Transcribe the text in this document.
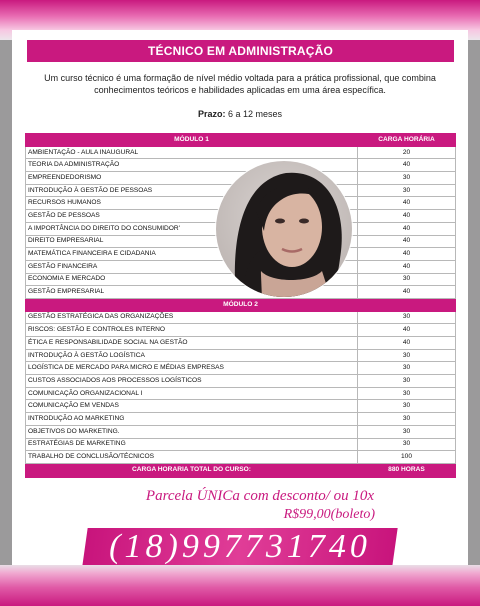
TÉCNICO EM ADMINISTRAÇÃO

Um curso técnico é uma formação de nível médio voltada para a prática profissional, que combina conhecimentos teóricos e habilidades aplicadas em uma área específica.

Prazo: 6 a 12 meses

MÓDULO 1	CARGA HORÁRIA
AMBIENTAÇÃO - AULA INAUGURAL	20
TEORIA DA ADMINISTRAÇÃO	40
EMPREENDEDORISMO	30
INTRODUÇÃO À GESTÃO DE PESSOAS	30
RECURSOS HUMANOS	40
GESTÃO DE PESSOAS	40
A IMPORTÂNCIA DO DIREITO DO CONSUMIDOR'	40
DIREITO EMPRESARIAL	40
MATEMÁTICA FINANCEIRA E CIDADANIA	40
GESTÃO FINANCEIRA	40
ECONOMIA E MERCADO	30
GESTÃO EMPRESARIAL	40
MÓDULO 2	
GESTÃO ESTRATÉGICA DAS ORGANIZAÇÕES	30
RISCOS: GESTÃO E CONTROLES INTERNO	40
ÉTICA E RESPONSABILIDADE SOCIAL NA GESTÃO	40
INTRODUÇÃO À GESTÃO LOGÍSTICA	30
LOGÍSTICA DE MERCADO PARA MICRO E MÉDIAS EMPRESAS	30
CUSTOS ASSOCIADOS AOS PROCESSOS LOGÍSTICOS	30
COMUNICAÇÃO ORGANIZACIONAL I	30
COMUNICAÇÃO EM VENDAS	30
INTRODUÇÃO AO MARKETING	30
OBJETIVOS DO MARKETING.	30
ESTRATÉGIAS DE MARKETING	30
TRABALHO DE CONCLUSÃO/TÉCNICOS	100
CARGA HORARIA TOTAL DO CURSO:	880 HORAS

Parcela ÚNICa com desconto/ ou 10x

R$99,00(boleto)

(18)997731740
